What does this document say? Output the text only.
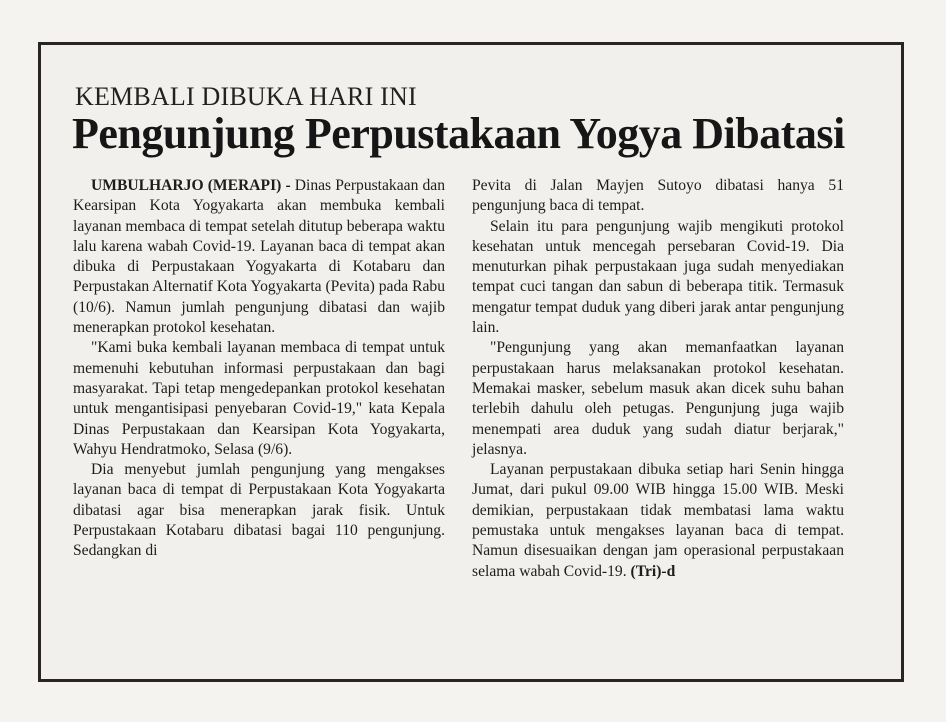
KEMBALI DIBUKA HARI INI
Pengunjung Perpustakaan Yogya Dibatasi

UMBULHARJO (MERAPI) - Dinas Perpustakaan dan Kearsipan Kota Yogyakarta akan membuka kembali layanan membaca di tempat setelah ditutup beberapa waktu lalu karena wabah Covid-19. Layanan baca di tempat akan dibuka di Perpustakaan Yogyakarta di Kotabaru dan Perpustakan Alternatif Kota Yogyakarta (Pevita) pada Rabu (10/6). Namun jumlah pengunjung dibatasi dan wajib menerapkan protokol kesehatan.

"Kami buka kembali layanan membaca di tempat untuk memenuhi kebutuhan informasi perpustakaan dan bagi masyarakat. Tapi tetap mengedepankan protokol kesehatan untuk mengantisipasi penyebaran Covid-19," kata Kepala Dinas Perpustakaan dan Kearsipan Kota Yogyakarta, Wahyu Hendratmoko, Selasa (9/6).

Dia menyebut jumlah pengunjung yang mengakses layanan baca di tempat di Perpustakaan Kota Yogyakarta dibatasi agar bisa menerapkan jarak fisik. Untuk Perpustakaan Kotabaru dibatasi bagai 110 pengunjung. Sedangkan di

Pevita di Jalan Mayjen Sutoyo dibatasi hanya 51 pengunjung baca di tempat.

Selain itu para pengunjung wajib mengikuti protokol kesehatan untuk mencegah persebaran Covid-19. Dia menuturkan pihak perpustakaan juga sudah menyediakan tempat cuci tangan dan sabun di beberapa titik. Termasuk mengatur tempat duduk yang diberi jarak antar pengunjung lain.

"Pengunjung yang akan memanfaatkan layanan perpustakaan harus melaksanakan protokol kesehatan. Memakai masker, sebelum masuk akan dicek suhu bahan terlebih dahulu oleh petugas. Pengunjung juga wajib menempati area duduk yang sudah diatur berjarak," jelasnya.

Layanan perpustakaan dibuka setiap hari Senin hingga Jumat, dari pukul 09.00 WIB hingga 15.00 WIB. Meski demikian, perpustakaan tidak membatasi lama waktu pemustaka untuk mengakses layanan baca di tempat. Namun disesuaikan dengan jam operasional perpustakaan selama wabah Covid-19. (Tri)-d
